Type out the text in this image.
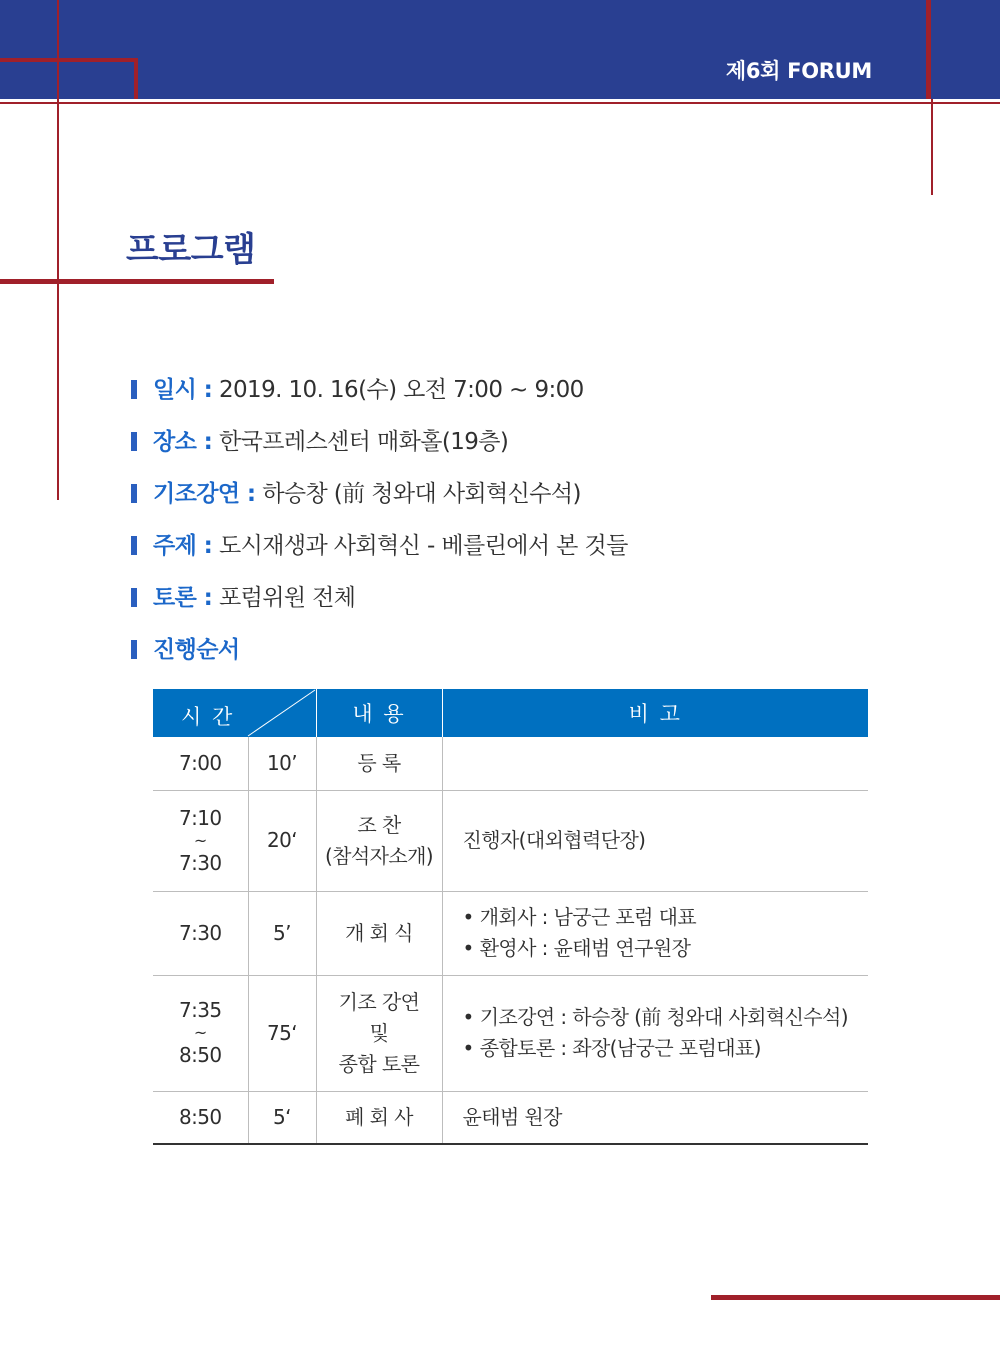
제6회 FORUM
프로그램
일시 : 2019. 10. 16(수) 오전 7:00 ~ 9:00
장소 : 한국프레스센터 매화홀(19층)
기조강연 : 하승창 (前 청와대 사회혁신수석)
주제 : 도시재생과 사회혁신 - 베를린에서 본 것들
토론 : 포럼위원 전체
진행순서
시 간		내 용	비 고
7:00	10’	등 록	

7:10
~
7:30	20‘	조 찬
(참석자소개)	진행자(대외협력단장)

7:30	5’	개 회 식	• 개회사 : 남궁근 포럼 대표
• 환영사 : 윤태범 연구원장

7:35
~
8:50	75‘	기조 강연
및
종합 토론	• 기조강연 : 하승창 (前 청와대 사회혁신수석)
• 종합토론 : 좌장(남궁근 포럼대표)

8:50	5‘	폐 회 사	윤태범 원장
